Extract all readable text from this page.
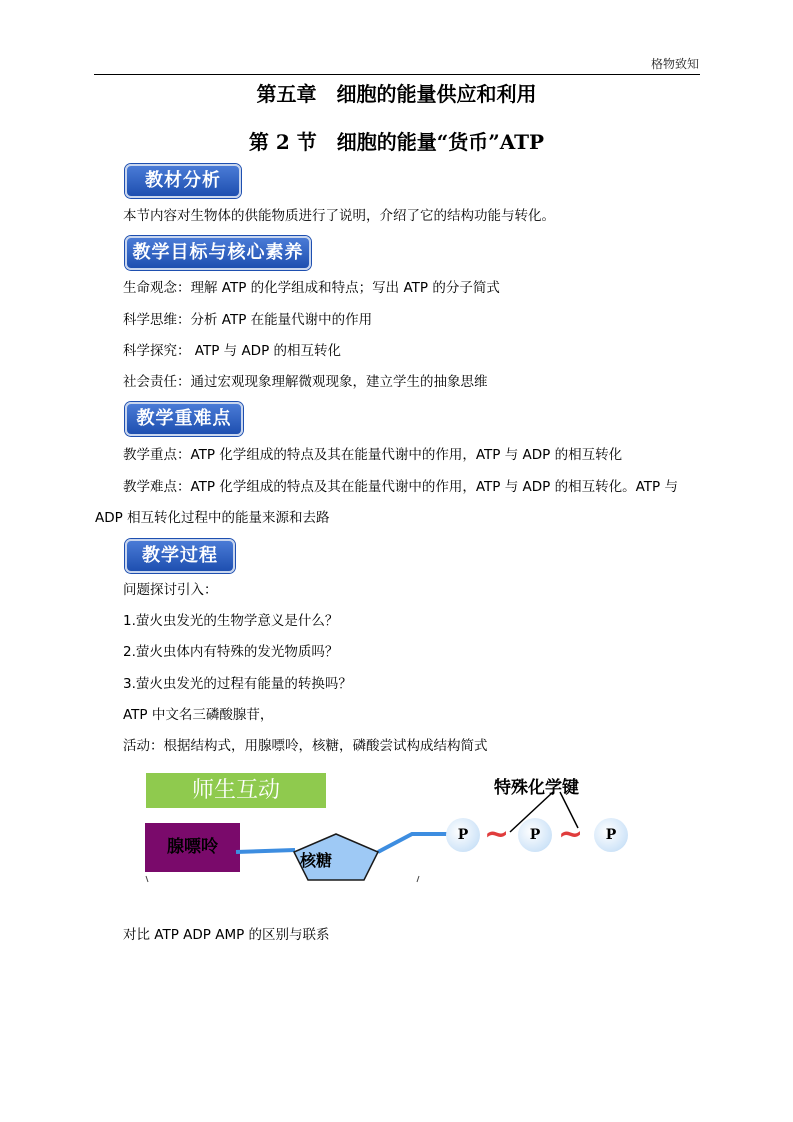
格物致知
第五章　细胞的能量供应和利用
第 2 节　细胞的能量“货币”ATP
教材分析
本节内容对生物体的供能物质进行了说明，介绍了它的结构功能与转化。
教学目标与核心素养
生命观念：理解 ATP 的化学组成和特点；写出 ATP 的分子简式
科学思维：分析 ATP 在能量代谢中的作用
科学探究： ATP 与 ADP 的相互转化
社会责任：通过宏观现象理解微观现象，建立学生的抽象思维
教学重难点
教学重点：ATP 化学组成的特点及其在能量代谢中的作用，ATP 与 ADP 的相互转化
教学难点：ATP 化学组成的特点及其在能量代谢中的作用，ATP 与 ADP 的相互转化。ATP 与
ADP 相互转化过程中的能量来源和去路
教学过程
问题探讨引入：
1.萤火虫发光的生物学意义是什么？
2.萤火虫体内有特殊的发光物质吗？
3.萤火虫发光的过程有能量的转换吗？
ATP 中文名三磷酸腺苷，
活动：根据结构式，用腺嘌呤，核糖，磷酸尝试构成结构简式
师生互动
腺嘌呤
核糖
特殊化学键
P ~	P ~	P
对比 ATP ADP AMP 的区别与联系
